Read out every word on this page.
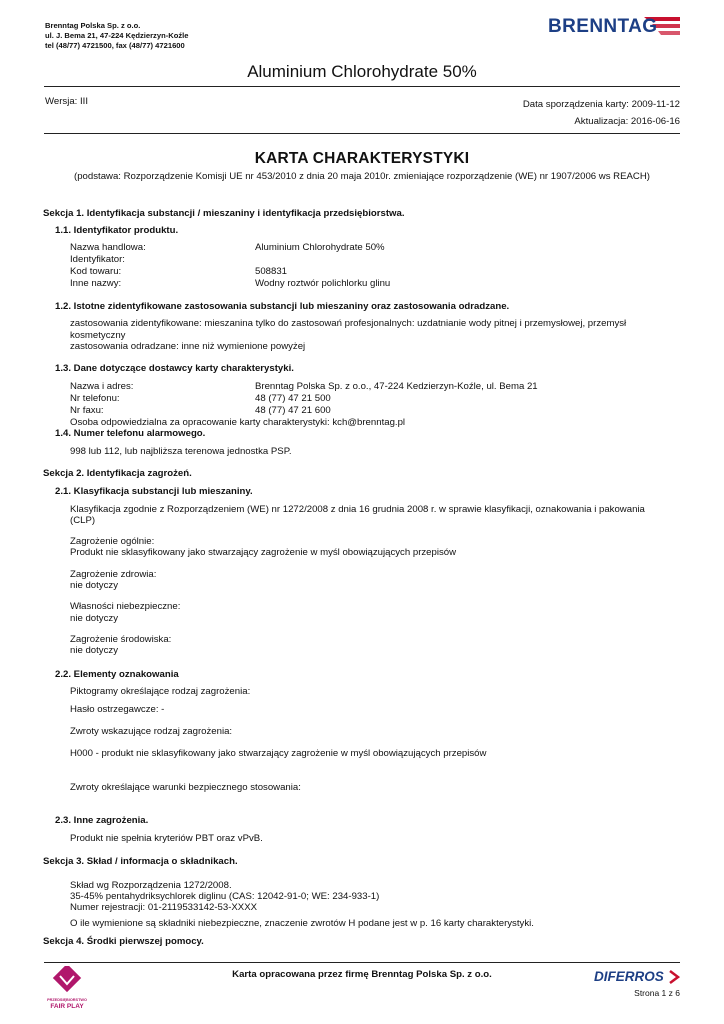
Brenntag Polska Sp. z o.o.
ul. J. Bema 21, 47-224 Kędzierzyn-Koźle
tel (48/77) 4721500, fax (48/77) 4721600
BRENNTAG
Aluminium Chlorohydrate 50%
Wersja: III	Data sporządzenia karty: 2009-11-12
Aktualizacja: 2016-06-16
KARTA CHARAKTERYSTYKI
(podstawa: Rozporządzenie Komisji UE nr 453/2010 z dnia 20 maja 2010r. zmieniające rozporządzenie (WE) nr 1907/2006 ws REACH)
Sekcja 1. Identyfikacja substancji / mieszaniny i identyfikacja przedsiębiorstwa.
1.1. Identyfikator produktu.
Nazwa handlowa:	Aluminium Chlorohydrate 50%
Identyfikator:
Kod towaru:	508831
Inne nazwy:	Wodny roztwór polichlorku glinu
1.2. Istotne zidentyfikowane zastosowania substancji lub mieszaniny oraz zastosowania odradzane.
zastosowania zidentyfikowane: mieszanina tylko do zastosowań profesjonalnych: uzdatnianie wody pitnej i przemysłowej, przemysł
kosmetyczny
zastosowania odradzane: inne niż wymienione powyżej
1.3. Dane dotyczące dostawcy karty charakterystyki.
Nazwa i adres:	Brenntag Polska Sp. z o.o., 47-224 Kedzierzyn-Koźle, ul. Bema 21
Nr telefonu:	48 (77) 47 21 500
Nr faxu:	48 (77) 47 21 600
Osoba odpowiedzialna za opracowanie karty charakterystyki: kch@brenntag.pl
1.4. Numer telefonu alarmowego.
998 lub 112, lub najbliższa terenowa jednostka PSP.
Sekcja 2. Identyfikacja zagrożeń.
2.1. Klasyfikacja substancji lub mieszaniny.
Klasyfikacja zgodnie z Rozporządzeniem (WE) nr 1272/2008 z dnia 16 grudnia 2008 r. w sprawie klasyfikacji, oznakowania i pakowania
(CLP)
Zagrożenie ogólnie:
Produkt nie sklasyfikowany jako stwarzający zagrożenie w myśl obowiązujących przepisów
Zagrożenie zdrowia:
nie dotyczy
Własności niebezpieczne:
nie dotyczy
Zagrożenie środowiska:
nie dotyczy
2.2. Elementy oznakowania
Piktogramy określające rodzaj zagrożenia:
Hasło ostrzegawcze: -
Zwroty wskazujące rodzaj zagrożenia:
H000 - produkt nie sklasyfikowany jako stwarzający zagrożenie w myśl obowiązujących przepisów
Zwroty określające warunki bezpiecznego stosowania:
2.3. Inne zagrożenia.
Produkt nie spełnia kryteriów PBT oraz vPvB.
Sekcja 3. Skład / informacja o składnikach.
Skład wg Rozporządzenia 1272/2008.
35-45% pentahydriksychlorek diglinu (CAS: 12042-91-0; WE: 234-933-1)
Numer rejestracji: 01-2119533142-53-XXXX
O ile wymienione są składniki niebezpieczne, znaczenie zwrotów H podane jest w p. 16 karty charakterystyki.
Sekcja 4. Środki pierwszej pomocy.
PRZEDSIĘBIORSTWO
FAIR PLAY
Karta opracowana przez firmę Brenntag Polska Sp. z o.o.	DIFERROS
Strona 1 z 6
